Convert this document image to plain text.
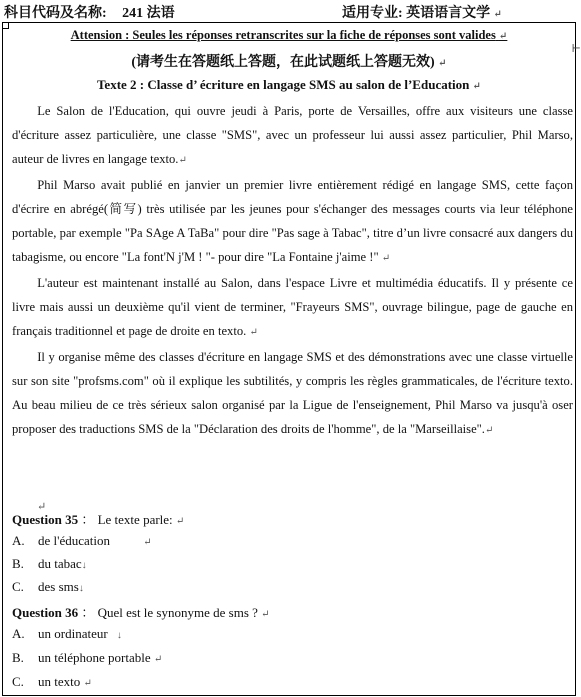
科目代码及名称: 241 法语	适用专业: 英语语言文学 ↵
⊢
Attension : Seules les réponses retranscrites sur la fiche de réponses sont valides ↵
(请考生在答题纸上答题，在此试题纸上答题无效) ↵
Texte 2 : Classe d’ écriture en langage SMS au salon de l’Education ↵

Le Salon de l'Education, qui ouvre jeudi à Paris, porte de Versailles, offre aux visiteurs une classe d'écriture assez particulière, une classe "SMS", avec un professeur lui aussi assez particulier, Phil Marso, auteur de livres en langage texto.↵

Phil Marso avait publié en janvier un premier livre entièrement rédigé en langage SMS, cette façon d'écrire en abrégé(简写) très utilisée par les jeunes pour s'échanger des messages courts via leur téléphone portable, par exemple "Pa SAge A TaBa" pour dire "Pas sage à Tabac", titre d’un livre consacré aux dangers du tabagisme, ou encore "La font'N j'M ! "- pour dire "La Fontaine j'aime !" ↵

L'auteur est maintenant installé au Salon, dans l'espace Livre et multimédia éducatifs. Il y présente ce livre mais aussi un deuxième qu'il vient de terminer, "Frayeurs SMS", ouvrage bilingue, page de gauche en français traditionnel et page de droite en texto. ↵

Il y organise même des classes d'écriture en langage SMS et des démonstrations avec une classe virtuelle sur son site "profsms.com" où il explique les subtilités, y compris les règles grammaticales, de l'écriture texto. Au beau milieu de ce très sérieux salon organisé par la Ligue de l'enseignement, Phil Marso va jusqu'à oser proposer des traductions SMS de la "Déclaration des droits de l'homme", de la "Marseillaise".↵

↵
Question 35 ： Le texte parle: ↵
A. de l'éducation	↵
B. du tabac↓
C. des sms↓
Question 36 ： Quel est le synonyme de sms ? ↵
A. un ordinateur ↓
B. un téléphone portable ↵
C. un texto ↵
